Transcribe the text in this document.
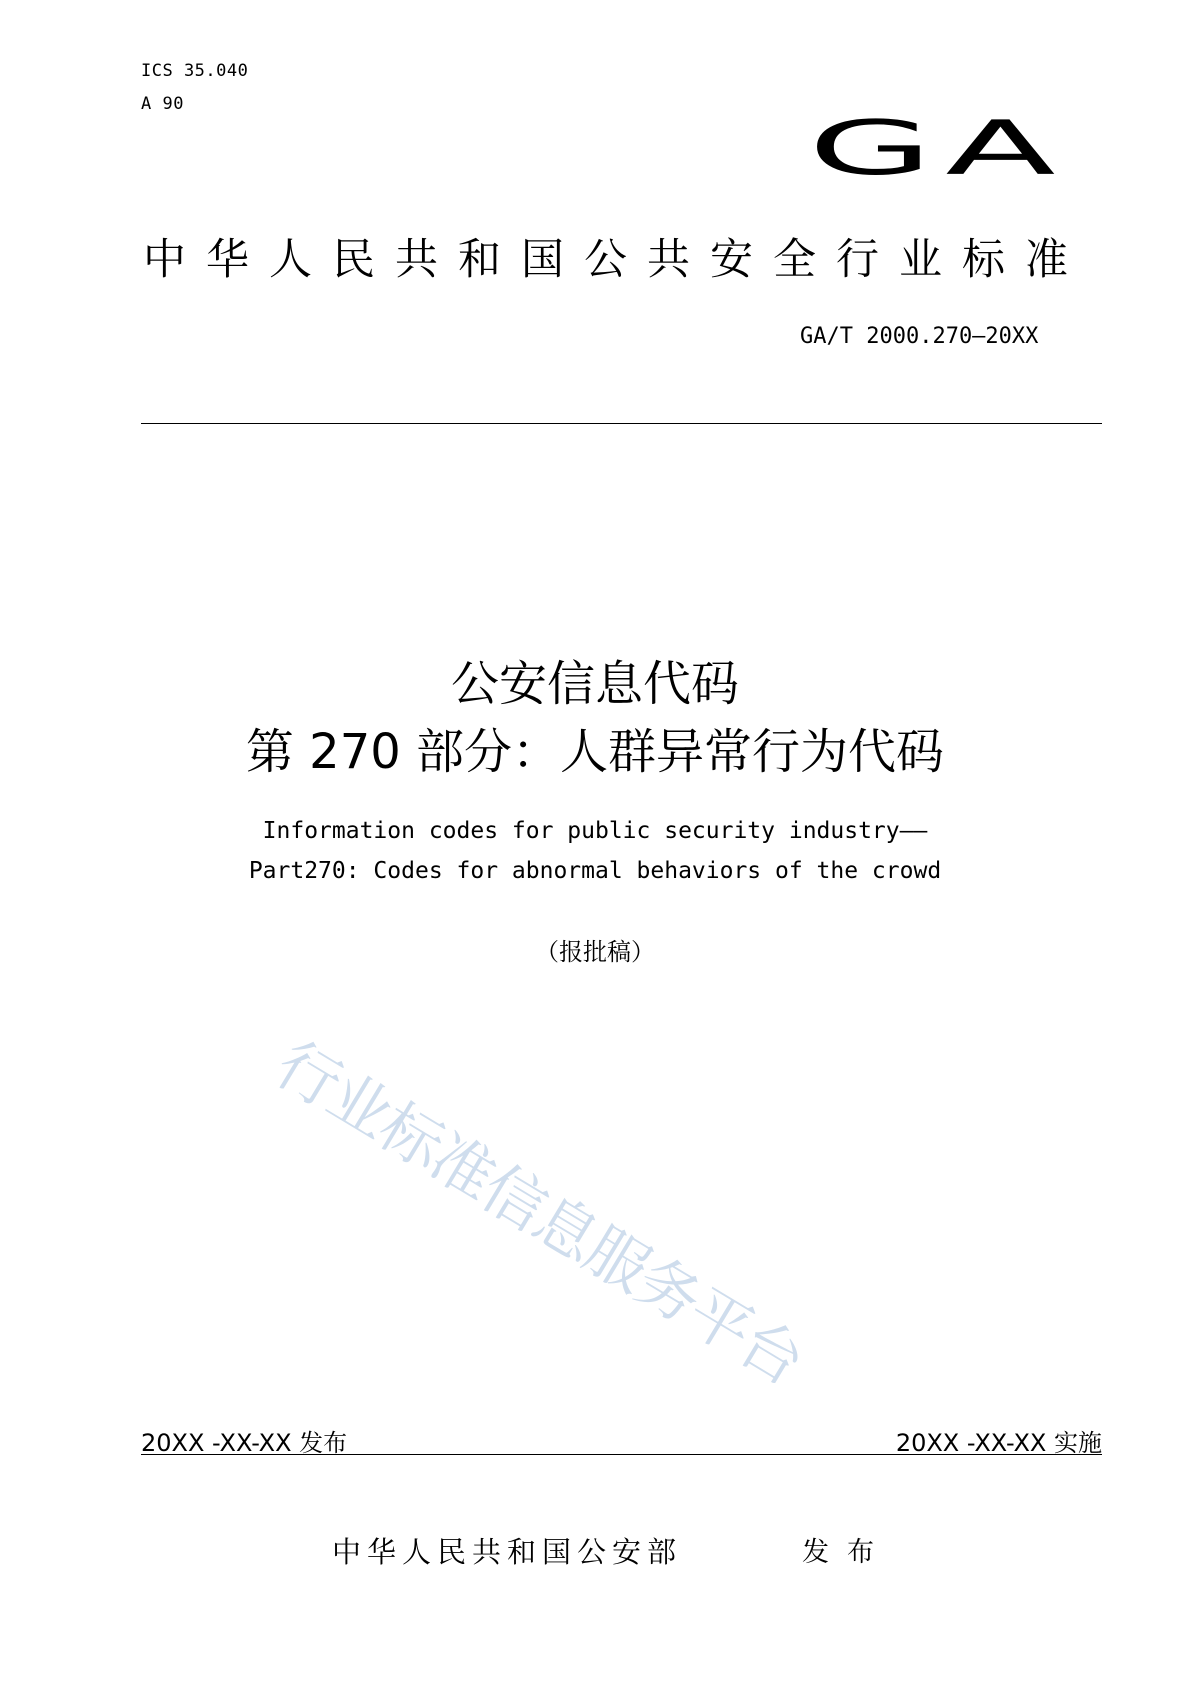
ICS 35.040
A 90
GA
中华人民共和国公共安全行业标准
GA/T 2000.270—20XX
公安信息代码
第 270 部分：人群异常行为代码
Information codes for public security industry——
Part270: Codes for abnormal behaviors of the crowd
（报批稿）
行业标准信息服务平台
20XX -XX-XX 发布	20XX -XX-XX 实施
中华人民共和国公安部	发布
